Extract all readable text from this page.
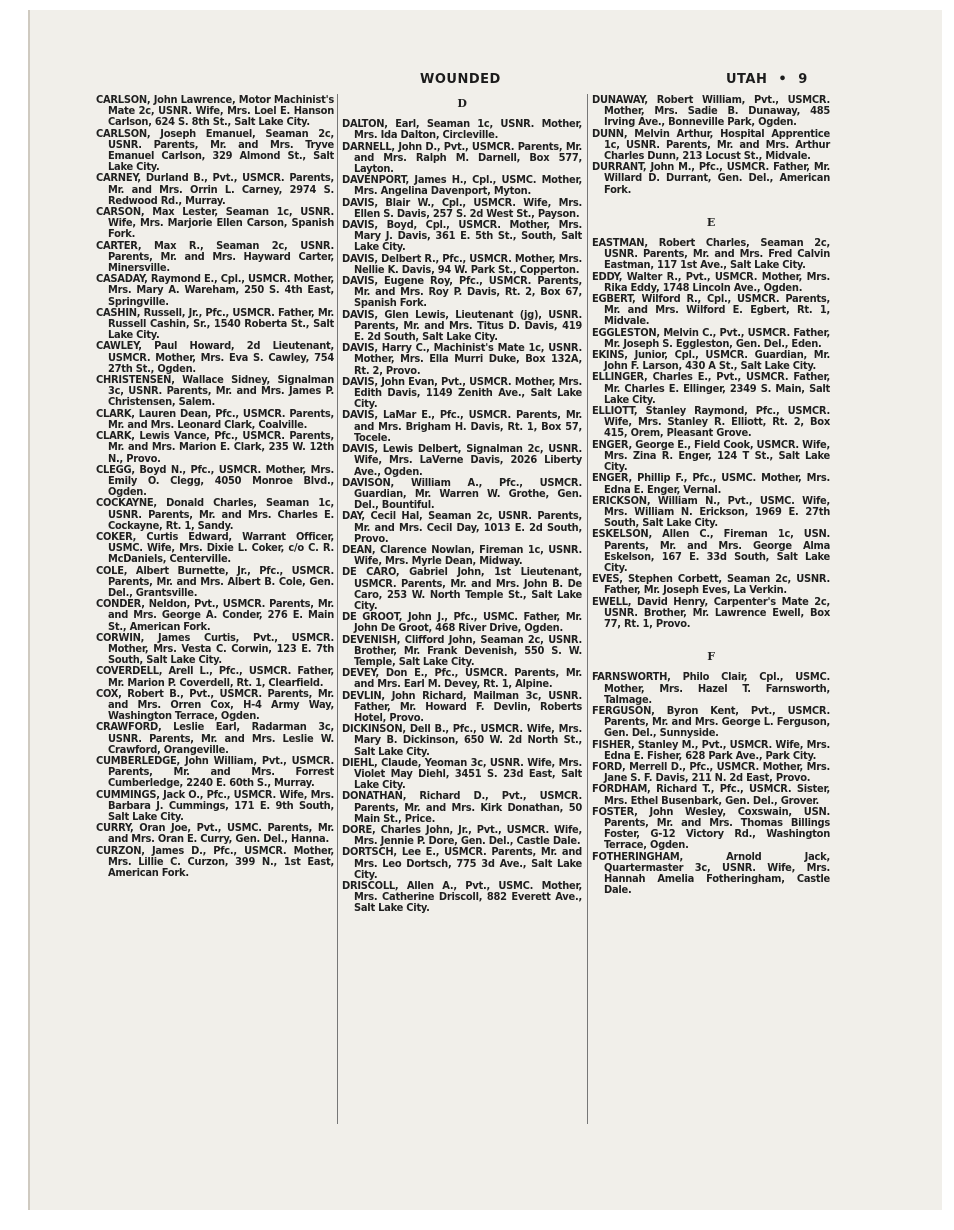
WOUNDED	UTAH • 9

CARLSON, John Lawrence, Motor Machinist's Mate 2c, USNR. Wife, Mrs. Loel E. Hanson Carlson, 624 S. 8th St., Salt Lake City.

CARLSON, Joseph Emanuel, Seaman 2c, USNR. Parents, Mr. and Mrs. Tryve Emanuel Carlson, 329 Almond St., Salt Lake City.

CARNEY, Durland B., Pvt., USMCR. Parents, Mr. and Mrs. Orrin L. Carney, 2974 S. Redwood Rd., Murray.

CARSON, Max Lester, Seaman 1c, USNR. Wife, Mrs. Marjorie Ellen Carson, Spanish Fork.

CARTER, Max R., Seaman 2c, USNR. Parents, Mr. and Mrs. Hayward Carter, Minersville.

CASADAY, Raymond E., Cpl., USMCR. Mother, Mrs. Mary A. Wareham, 250 S. 4th East, Springville.

CASHIN, Russell, Jr., Pfc., USMCR. Father, Mr. Russell Cashin, Sr., 1540 Roberta St., Salt Lake City.

CAWLEY, Paul Howard, 2d Lieutenant, USMCR. Mother, Mrs. Eva S. Cawley, 754 27th St., Ogden.

CHRISTENSEN, Wallace Sidney, Signalman 3c, USNR. Parents, Mr. and Mrs. James P. Christensen, Salem.

CLARK, Lauren Dean, Pfc., USMCR. Parents, Mr. and Mrs. Leonard Clark, Coalville.

CLARK, Lewis Vance, Pfc., USMCR. Parents, Mr. and Mrs. Marion E. Clark, 235 W. 12th N., Provo.

CLEGG, Boyd N., Pfc., USMCR. Mother, Mrs. Emily O. Clegg, 4050 Monroe Blvd., Ogden.

COCKAYNE, Donald Charles, Seaman 1c, USNR. Parents, Mr. and Mrs. Charles E. Cockayne, Rt. 1, Sandy.

COKER, Curtis Edward, Warrant Officer, USMC. Wife, Mrs. Dixie L. Coker, c/o C. R. McDaniels, Centerville.

COLE, Albert Burnette, Jr., Pfc., USMCR. Parents, Mr. and Mrs. Albert B. Cole, Gen. Del., Grantsville.

CONDER, Neldon, Pvt., USMCR. Parents, Mr. and Mrs. George A. Conder, 276 E. Main St., American Fork.

CORWIN, James Curtis, Pvt., USMCR. Mother, Mrs. Vesta C. Corwin, 123 E. 7th South, Salt Lake City.

COVERDELL, Arell L., Pfc., USMCR. Father, Mr. Marion P. Coverdell, Rt. 1, Clearfield.

COX, Robert B., Pvt., USMCR. Parents, Mr. and Mrs. Orren Cox, H-4 Army Way, Washington Terrace, Ogden.

CRAWFORD, Leslie Earl, Radarman 3c, USNR. Parents, Mr. and Mrs. Leslie W. Crawford, Orangeville.

CUMBERLEDGE, John William, Pvt., USMCR. Parents, Mr. and Mrs. Forrest Cumberledge, 2240 E. 60th S., Murray.

CUMMINGS, Jack O., Pfc., USMCR. Wife, Mrs. Barbara J. Cummings, 171 E. 9th South, Salt Lake City.

CURRY, Oran Joe, Pvt., USMC. Parents, Mr. and Mrs. Oran E. Curry, Gen. Del., Hanna.

CURZON, James D., Pfc., USMCR. Mother, Mrs. Lillie C. Curzon, 399 N., 1st East, American Fork.

D

DALTON, Earl, Seaman 1c, USNR. Mother, Mrs. Ida Dalton, Circleville.

DARNELL, John D., Pvt., USMCR. Parents, Mr. and Mrs. Ralph M. Darnell, Box 577, Layton.

DAVENPORT, James H., Cpl., USMC. Mother, Mrs. Angelina Davenport, Myton.

DAVIS, Blair W., Cpl., USMCR. Wife, Mrs. Ellen S. Davis, 257 S. 2d West St., Payson.

DAVIS, Boyd, Cpl., USMCR. Mother, Mrs. Mary J. Davis, 361 E. 5th St., South, Salt Lake City.

DAVIS, Delbert R., Pfc., USMCR. Mother, Mrs. Nellie K. Davis, 94 W. Park St., Copperton.

DAVIS, Eugene Roy, Pfc., USMCR. Parents, Mr. and Mrs. Roy P. Davis, Rt. 2, Box 67, Spanish Fork.

DAVIS, Glen Lewis, Lieutenant (jg), USNR. Parents, Mr. and Mrs. Titus D. Davis, 419 E. 2d South, Salt Lake City.

DAVIS, Harry C., Machinist's Mate 1c, USNR. Mother, Mrs. Ella Murri Duke, Box 132A, Rt. 2, Provo.

DAVIS, John Evan, Pvt., USMCR. Mother, Mrs. Edith Davis, 1149 Zenith Ave., Salt Lake City.

DAVIS, LaMar E., Pfc., USMCR. Parents, Mr. and Mrs. Brigham H. Davis, Rt. 1, Box 57, Tocele.

DAVIS, Lewis Delbert, Signalman 2c, USNR. Wife, Mrs. LaVerne Davis, 2026 Liberty Ave., Ogden.

DAVISON, William A., Pfc., USMCR. Guardian, Mr. Warren W. Grothe, Gen. Del., Bountiful.

DAY, Cecil Hal, Seaman 2c, USNR. Parents, Mr. and Mrs. Cecil Day, 1013 E. 2d South, Provo.

DEAN, Clarence Nowlan, Fireman 1c, USNR. Wife, Mrs. Myrle Dean, Midway.

DE CARO, Gabriel John, 1st Lieutenant, USMCR. Parents, Mr. and Mrs. John B. De Caro, 253 W. North Temple St., Salt Lake City.

DE GROOT, John J., Pfc., USMC. Father, Mr. John De Groot, 468 River Drive, Ogden.

DEVENISH, Clifford John, Seaman 2c, USNR. Brother, Mr. Frank Devenish, 550 S. W. Temple, Salt Lake City.

DEVEY, Don E., Pfc., USMCR. Parents, Mr. and Mrs. Earl M. Devey, Rt. 1, Alpine.

DEVLIN, John Richard, Mailman 3c, USNR. Father, Mr. Howard F. Devlin, Roberts Hotel, Provo.

DICKINSON, Dell B., Pfc., USMCR. Wife, Mrs. Mary B. Dickinson, 650 W. 2d North St., Salt Lake City.

DIEHL, Claude, Yeoman 3c, USNR. Wife, Mrs. Violet May Diehl, 3451 S. 23d East, Salt Lake City.

DONATHAN, Richard D., Pvt., USMCR. Parents, Mr. and Mrs. Kirk Donathan, 50 Main St., Price.

DORE, Charles John, Jr., Pvt., USMCR. Wife, Mrs. Jennie P. Dore, Gen. Del., Castle Dale.

DORTSCH, Lee E., USMCR. Parents, Mr. and Mrs. Leo Dortsch, 775 3d Ave., Salt Lake City.

DRISCOLL, Allen A., Pvt., USMC. Mother, Mrs. Catherine Driscoll, 882 Everett Ave., Salt Lake City.

DUNAWAY, Robert William, Pvt., USMCR. Mother, Mrs. Sadie B. Dunaway, 485 Irving Ave., Bonneville Park, Ogden.

DUNN, Melvin Arthur, Hospital Apprentice 1c, USNR. Parents, Mr. and Mrs. Arthur Charles Dunn, 213 Locust St., Midvale.

DURRANT, John M., Pfc., USMCR. Father, Mr. Willard D. Durrant, Gen. Del., American Fork.

E

EASTMAN, Robert Charles, Seaman 2c, USNR. Parents, Mr. and Mrs. Fred Calvin Eastman, 117 1st Ave., Salt Lake City.

EDDY, Walter R., Pvt., USMCR. Mother, Mrs. Rika Eddy, 1748 Lincoln Ave., Ogden.

EGBERT, Wilford R., Cpl., USMCR. Parents, Mr. and Mrs. Wilford E. Egbert, Rt. 1, Midvale.

EGGLESTON, Melvin C., Pvt., USMCR. Father, Mr. Joseph S. Eggleston, Gen. Del., Eden.

EKINS, Junior, Cpl., USMCR. Guardian, Mr. John F. Larson, 430 A St., Salt Lake City.

ELLINGER, Charles E., Pvt., USMCR. Father, Mr. Charles E. Ellinger, 2349 S. Main, Salt Lake City.

ELLIOTT, Stanley Raymond, Pfc., USMCR. Wife, Mrs. Stanley R. Elliott, Rt. 2, Box 415, Orem, Pleasant Grove.

ENGER, George E., Field Cook, USMCR. Wife, Mrs. Zina R. Enger, 124 T St., Salt Lake City.

ENGER, Phillip F., Pfc., USMC. Mother, Mrs. Edna E. Enger, Vernal.

ERICKSON, William N., Pvt., USMC. Wife, Mrs. William N. Erickson, 1969 E. 27th South, Salt Lake City.

ESKELSON, Allen C., Fireman 1c, USN. Parents, Mr. and Mrs. George Alma Eskelson, 167 E. 33d South, Salt Lake City.

EVES, Stephen Corbett, Seaman 2c, USNR. Father, Mr. Joseph Eves, La Verkin.

EWELL, David Henry, Carpenter's Mate 2c, USNR. Brother, Mr. Lawrence Ewell, Box 77, Rt. 1, Provo.

F

FARNSWORTH, Philo Clair, Cpl., USMC. Mother, Mrs. Hazel T. Farnsworth, Talmage.

FERGUSON, Byron Kent, Pvt., USMCR. Parents, Mr. and Mrs. George L. Ferguson, Gen. Del., Sunnyside.

FISHER, Stanley M., Pvt., USMCR. Wife, Mrs. Edna E. Fisher, 628 Park Ave., Park City.

FORD, Merrell D., Pfc., USMCR. Mother, Mrs. Jane S. F. Davis, 211 N. 2d East, Provo.

FORDHAM, Richard T., Pfc., USMCR. Sister, Mrs. Ethel Busenbark, Gen. Del., Grover.

FOSTER, John Wesley, Coxswain, USN. Parents, Mr. and Mrs. Thomas Billings Foster, G-12 Victory Rd., Washington Terrace, Ogden.

FOTHERINGHAM, Arnold Jack, Quartermaster 3c, USNR. Wife, Mrs. Hannah Amelia Fotheringham, Castle Dale.
